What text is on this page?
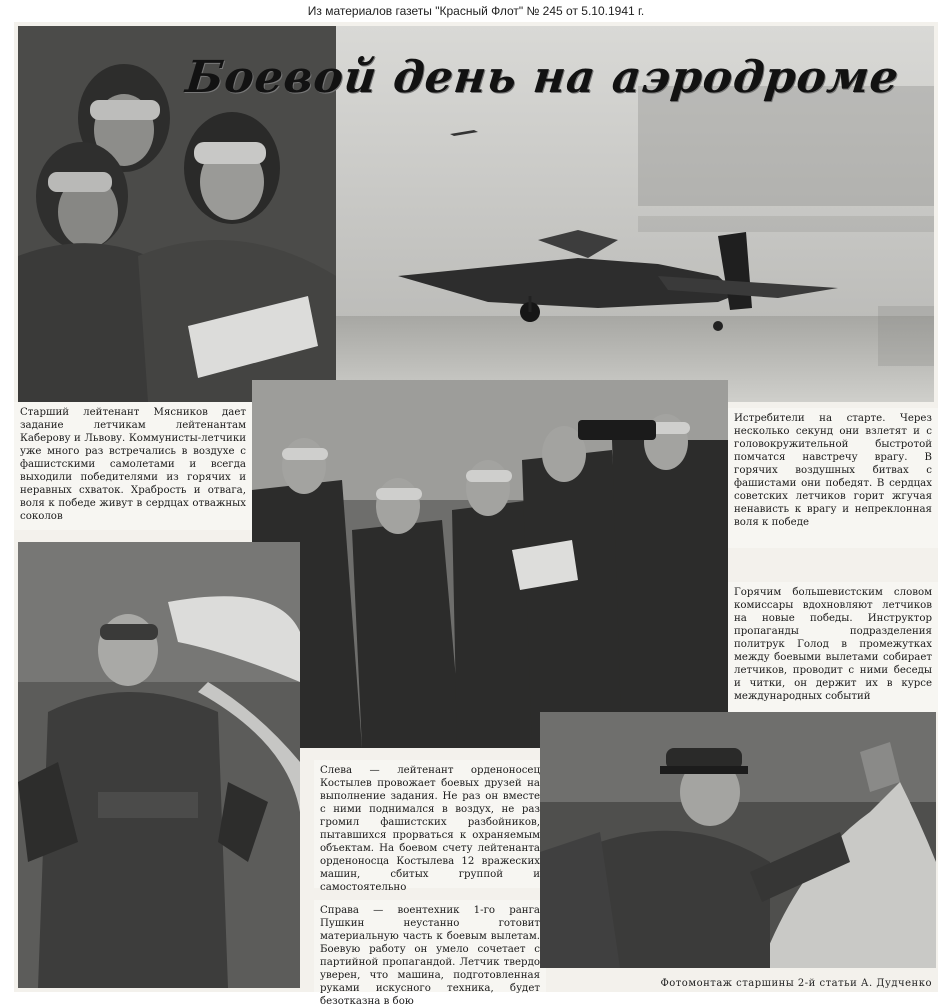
Из материалов газеты "Красный Флот" № 245 от 5.10.1941 г.
Боевой день на аэродроме
Старший лейтенант Мясников дает задание летчикам лейтенантам Каберову и Львову. Коммунисты-летчики уже много раз встречались в воздухе с фашистскими самолетами и всегда выходили победителями из горячих и неравных схваток. Храбрость и отвага, воля к победе живут в сердцах отважных соколов
Истребители на старте. Через несколько секунд они взлетят и с головокружительной быстротой помчатся навстречу врагу. В горячих воздушных битвах с фашистами они победят. В сердцах советских летчиков горит жгучая ненависть к врагу и непреклонная воля к победе
Горячим большевистским словом комиссары вдохновляют летчиков на новые победы. Инструктор пропаганды подразделения политрук Голод в промежутках между боевыми вылетами собирает летчиков, проводит с ними беседы и читки, он держит их в курсе международных событий
Слева — лейтенант орденоносец Костылев провожает боевых друзей на выполнение задания. Не раз он вместе с ними поднимался в воздух, не раз громил фашистских разбойников, пытавшихся прорваться к охраняемым объектам. На боевом счету лейтенанта орденоносца Костылева 12 вражеских машин, сбитых группой и самостоятельно
Справа — воентехник 1-го ранга Пушкин неустанно готовит материальную часть к боевым вылетам. Боевую работу он умело сочетает с партийной пропагандой. Летчик твердо уверен, что машина, подготовленная руками искусного техника, будет безотказна в бою
Фотомонтаж старшины 2-й статьи А. Дудченко
